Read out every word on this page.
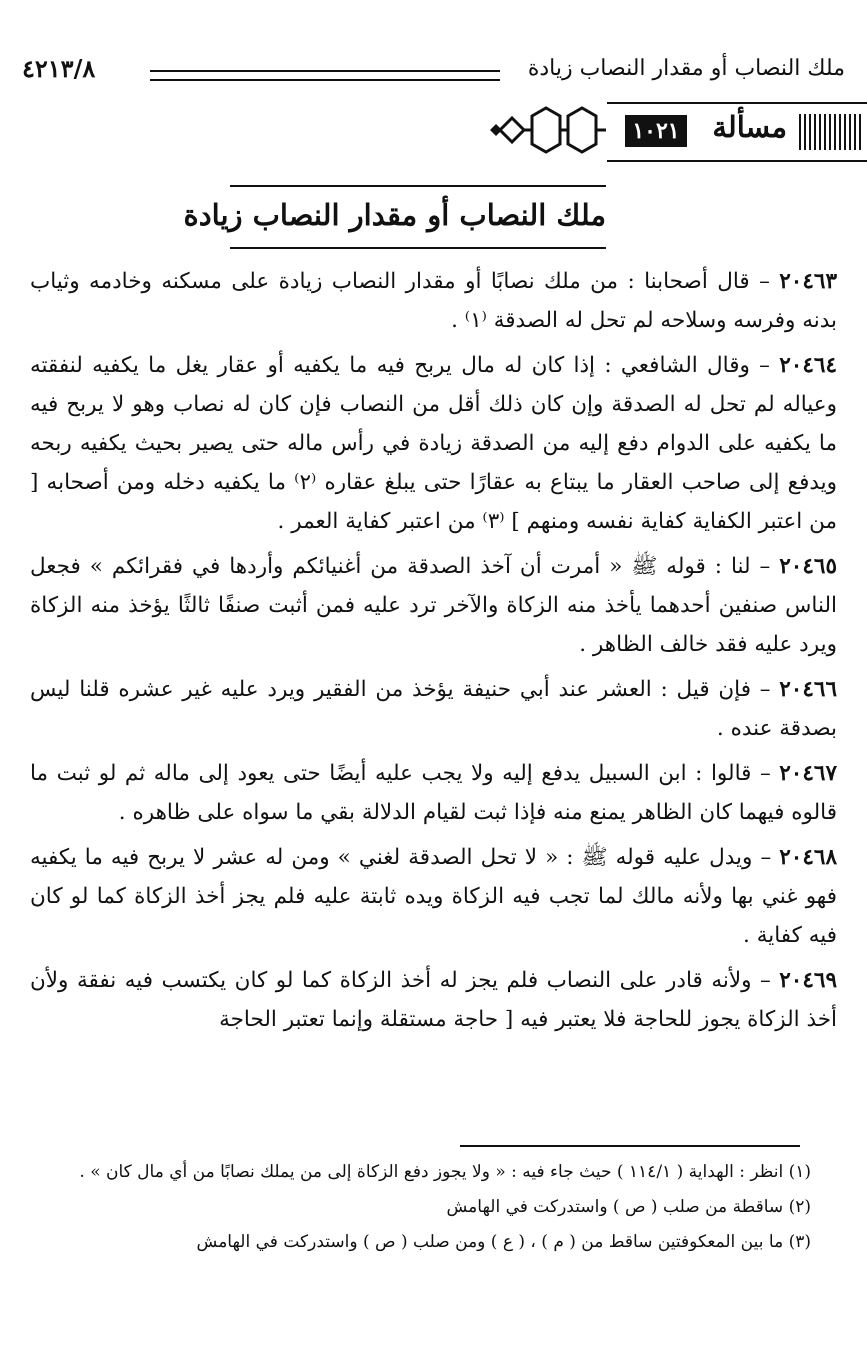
ملك النصاب أو مقدار النصاب زيادة
٤٢١٣/٨
مسألة
١٠٢١
ملك النصاب أو مقدار النصاب زيادة

٢٠٤٦٣ – قال أصحابنا : من ملك نصابًا أو مقدار النصاب زيادة على مسكنه وخادمه وثياب بدنه وفرسه وسلاحه لم تحل له الصدقة ⁽١⁾ .

٢٠٤٦٤ – وقال الشافعي : إذا كان له مال يربح فيه ما يكفيه أو عقار يغل ما يكفيه لنفقته وعياله لم تحل له الصدقة وإن كان ذلك أقل من النصاب فإن كان له نصاب وهو لا يربح فيه ما يكفيه على الدوام دفع إليه من الصدقة زيادة في رأس ماله حتى يصير بحيث يكفيه ربحه ويدفع إلى صاحب العقار ما يبتاع به عقارًا حتى يبلغ عقاره ⁽٢⁾ ما يكفيه دخله ومن أصحابه [ من اعتبر الكفاية كفاية نفسه ومنهم ] ⁽٣⁾ من اعتبر كفاية العمر .

٢٠٤٦٥ – لنا : قوله ﷺ « أمرت أن آخذ الصدقة من أغنيائكم وأردها في فقرائكم » فجعل الناس صنفين أحدهما يأخذ منه الزكاة والآخر ترد عليه فمن أثبت صنفًا ثالثًا يؤخذ منه الزكاة ويرد عليه فقد خالف الظاهر .

٢٠٤٦٦ – فإن قيل : العشر عند أبي حنيفة يؤخذ من الفقير ويرد عليه غير عشره قلنا ليس بصدقة عنده .

٢٠٤٦٧ – قالوا : ابن السبيل يدفع إليه ولا يجب عليه أيضًا حتى يعود إلى ماله ثم لو ثبت ما قالوه فيهما كان الظاهر يمنع منه فإذا ثبت لقيام الدلالة بقي ما سواه على ظاهره .

٢٠٤٦٨ – ويدل عليه قوله ﷺ : « لا تحل الصدقة لغني » ومن له عشر لا يربح فيه ما يكفيه فهو غني بها ولأنه مالك لما تجب فيه الزكاة ويده ثابتة عليه فلم يجز أخذ الزكاة كما لو كان فيه كفاية .

٢٠٤٦٩ – ولأنه قادر على النصاب فلم يجز له أخذ الزكاة كما لو كان يكتسب فيه نفقة ولأن أخذ الزكاة يجوز للحاجة فلا يعتبر فيه [ حاجة مستقلة وإنما تعتبر الحاجة

(١) انظر : الهداية ( ١١٤/١ ) حيث جاء فيه : « ولا يجوز دفع الزكاة إلى من يملك نصابًا من أي مال كان » .
(٢) ساقطة من صلب ( ص ) واستدركت في الهامش
(٣) ما بين المعكوفتين ساقط من ( م ) ، ( ع ) ومن صلب ( ص ) واستدركت في الهامش
